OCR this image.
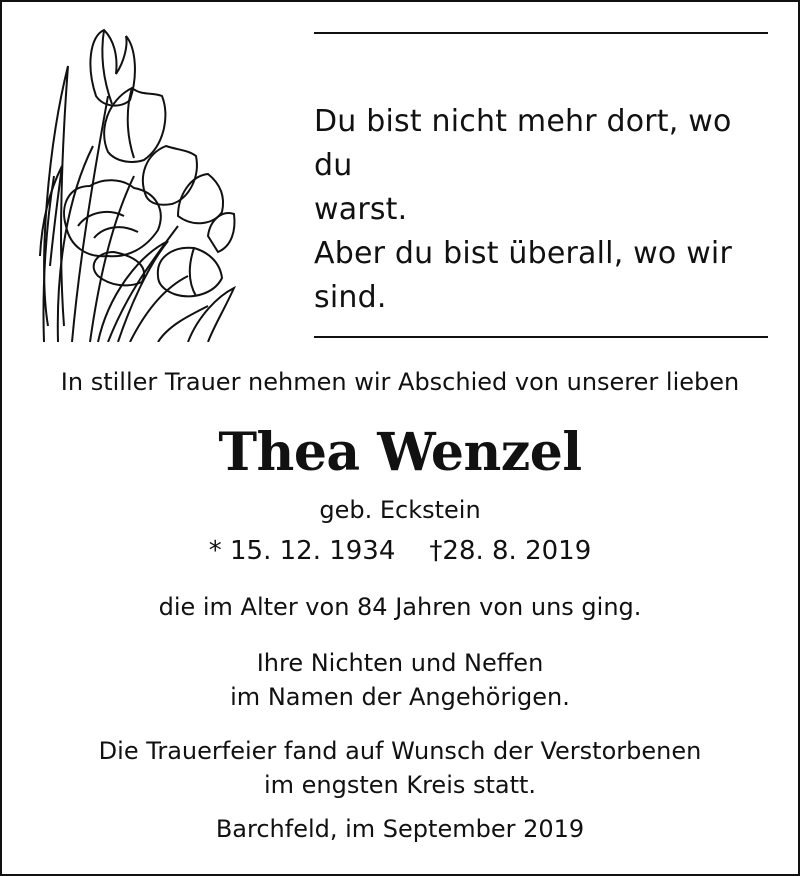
Du bist nicht mehr dort, wo du
warst.
Aber du bist überall, wo wir
sind.
In stiller Trauer nehmen wir Abschied von unserer lieben
Thea Wenzel
geb. Eckstein
* 15. 12. 1934 †28. 8. 2019
die im Alter von 84 Jahren von uns ging.
Ihre Nichten und Neffen
im Namen der Angehörigen.
Die Trauerfeier fand auf Wunsch der Verstorbenen
im engsten Kreis statt.
Barchfeld, im September 2019
